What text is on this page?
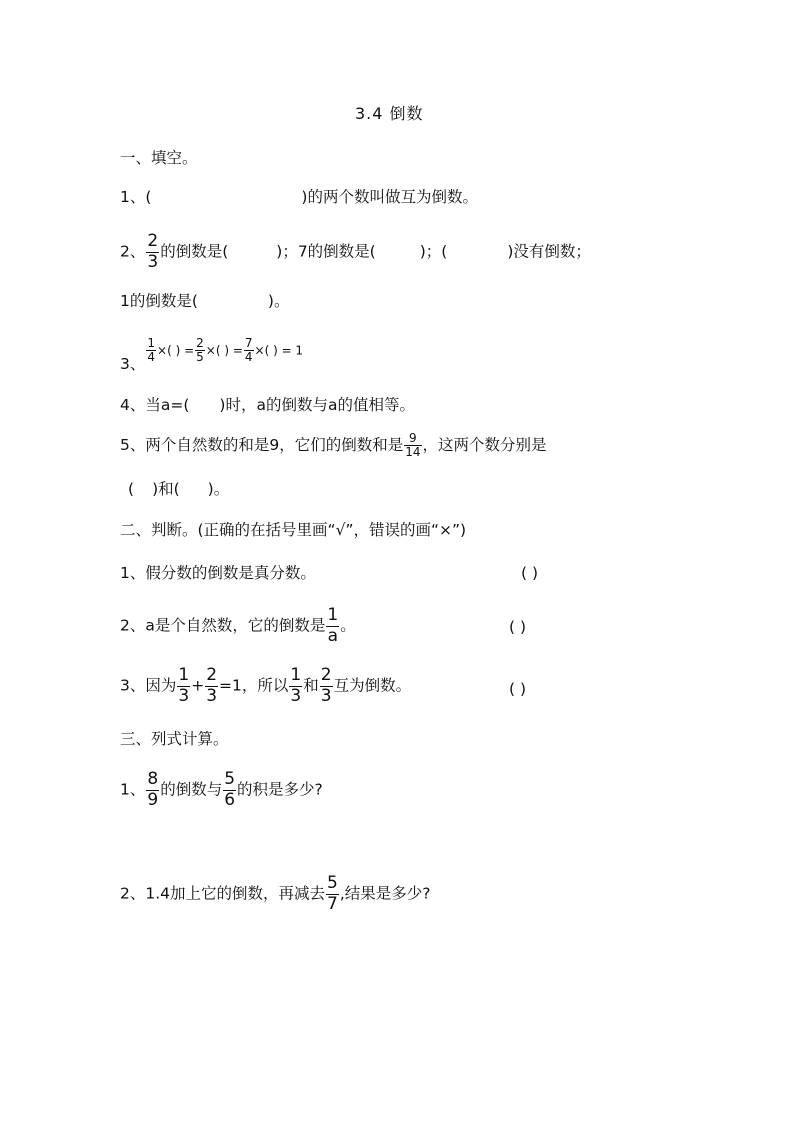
3.4 倒数
一、填空。
1、(	)的两个数叫做互为倒数。
2、 $\frac{2}{3}$ 的倒数是(	)；7的倒数是(	)；(	)没有倒数；
1的倒数是(	)。
3、 $\frac{1}{4}$ ×( ) = $\frac{2}{5}$ ×( ) = $\frac{7}{4}$ ×( ) = 1
4、当a=( )时，a的倒数与a的值相等。
5、两个自然数的和是9，它们的倒数和是 $\frac{9}{14}$ ，这两个数分别是
( )和( )。
二、判断。(正确的在括号里画“√”，错误的画“×”)
1、假分数的倒数是真分数。	( )
2、a是个自然数，它的倒数是 $\frac{1}{a}$ 。	( )
3、因为 $\frac{1}{3} + \frac{2}{3} =1$，所以 $\frac{1}{3}$ 和 $\frac{2}{3}$ 互为倒数。	( )
三、列式计算。
1、 $\frac{8}{9}$ 的倒数与 $\frac{5}{6}$ 的积是多少?
2、1.4加上它的倒数，再减去 $\frac{5}{7}$ ,结果是多少?
